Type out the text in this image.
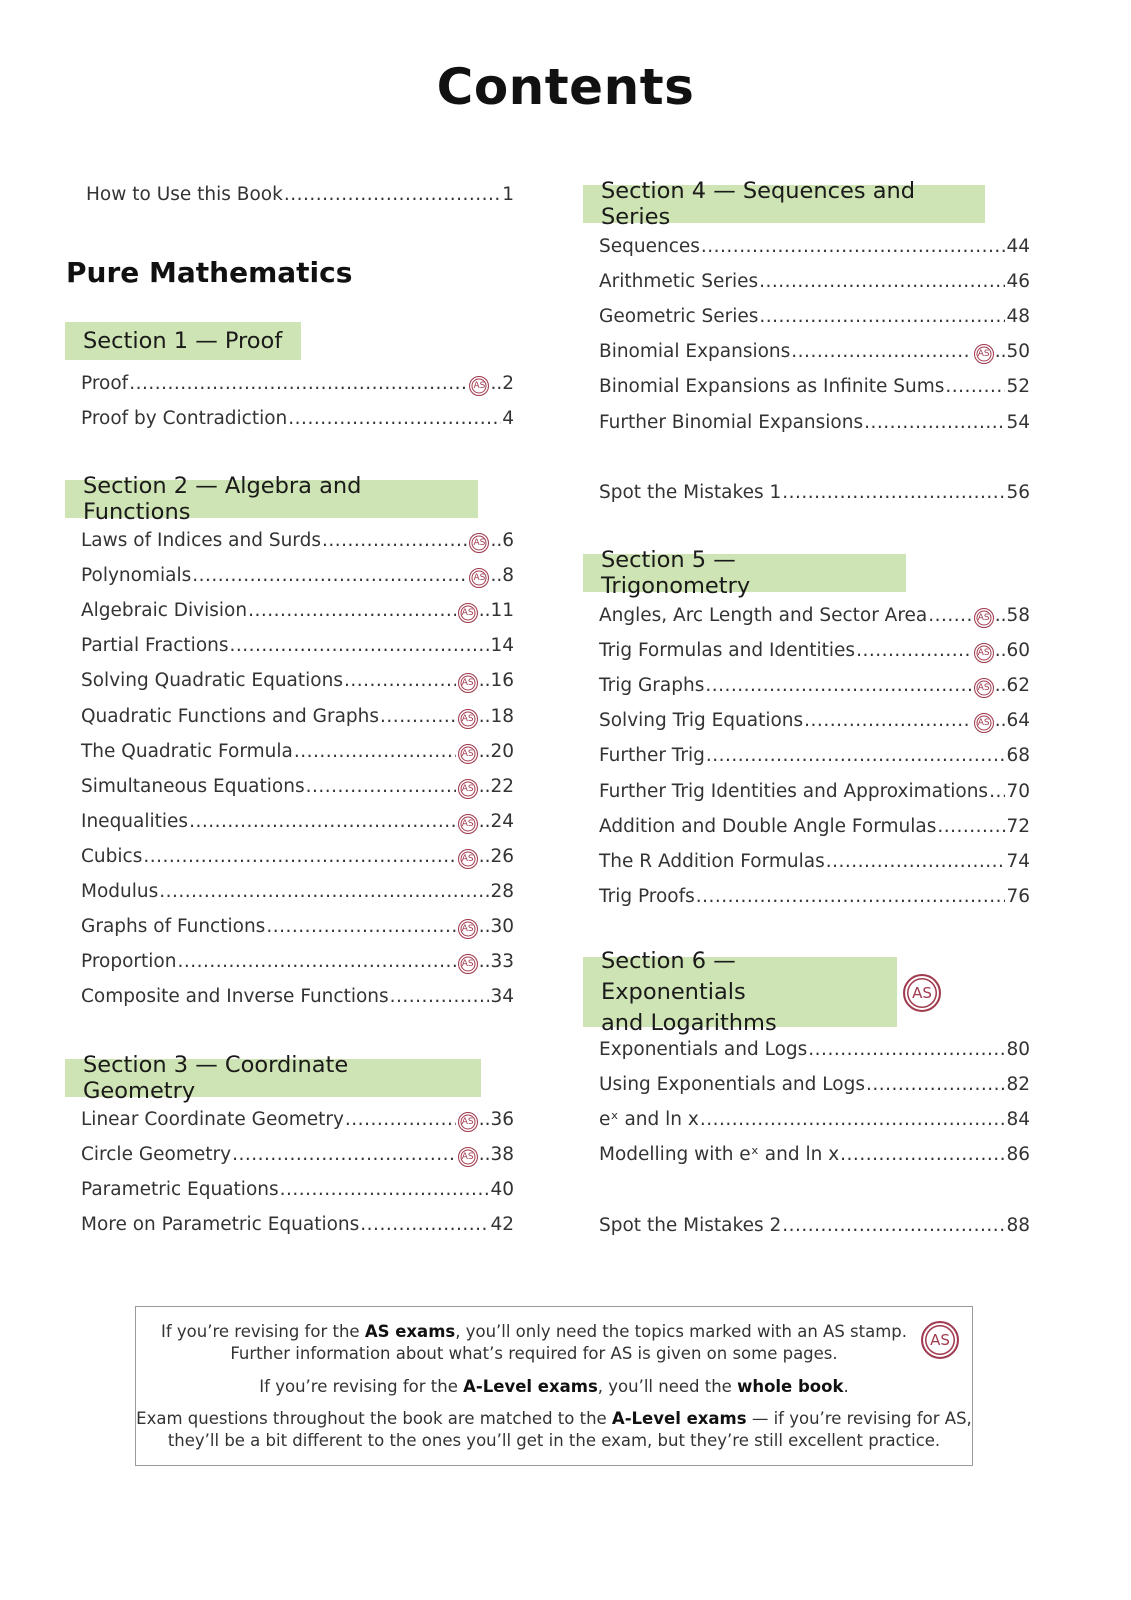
Contents
How to Use this Book .....	1
Pure Mathematics
Section 1 — Proof
Section 2 — Algebra and Functions
Section 3 — Coordinate Geometry
Section 4 — Sequences and Series
Section 5 — Trigonometry
Section 6 — Exponentials
and Logarithms
AS
Proof .....	AS .. 2
Proof by Contradiction .....	4
Laws of Indices and Surds .....	AS .. 6
Polynomials .....	AS .. 8
Algebraic Division .....	AS .. 11
Partial Fractions .....	14
Solving Quadratic Equations .....	AS .. 16
Quadratic Functions and Graphs .....	AS .. 18
The Quadratic Formula .....	AS .. 20
Simultaneous Equations .....	AS .. 22
Inequalities .....	AS .. 24
Cubics .....	AS .. 26
Modulus .....	28
Graphs of Functions .....	AS .. 30
Proportion .....	AS .. 33
Composite and Inverse Functions .....	34
Linear Coordinate Geometry .....	AS .. 36
Circle Geometry .....	AS .. 38
Parametric Equations .....	40
More on Parametric Equations .....	42
Sequences .....	44
Arithmetic Series .....	46
Geometric Series .....	48
Binomial Expansions .....	AS .. 50
Binomial Expansions as Infinite Sums .....	52
Further Binomial Expansions .....	54
Angles, Arc Length and Sector Area .....	AS .. 58
Trig Formulas and Identities .....	AS .. 60
Trig Graphs .....	AS .. 62
Solving Trig Equations .....	AS .. 64
Further Trig .....	68
Further Trig Identities and Approximations ..... 70
Addition and Double Angle Formulas .....	72
The R Addition Formulas .....	74
Trig Proofs .....	76
Exponentials and Logs .....	80
Using Exponentials and Logs .....	82
eˣ and ln x .....	84
Modelling with eˣ and ln x .....	86
Spot the Mistakes 1 .....	56
Spot the Mistakes 2 .....	88
If you’re revising for the AS exams, you’ll only need the topics marked with an AS stamp.
Further information about what’s required for AS is given on some pages.
AS
If you’re revising for the A-Level exams, you’ll need the whole book.
Exam questions throughout the book are matched to the A-Level exams — if you’re revising for AS,
they’ll be a bit different to the ones you’ll get in the exam, but they’re still excellent practice.
